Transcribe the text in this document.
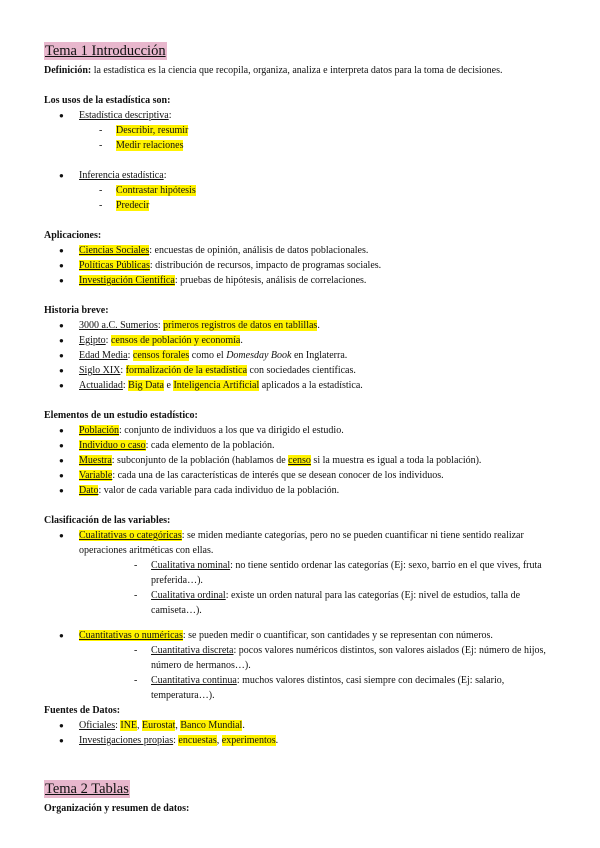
Tema 1 Introducción

Definición: la estadística es la ciencia que recopila, organiza, analiza e interpreta datos para la toma de decisiones.

Los usos de la estadística son:

● Estadística descriptiva:
- Describir, resumir
- Medir relaciones
● Inferencia estadística:
- Contrastar hipótesis
- Predecir

Aplicaciones:

● Ciencias Sociales: encuestas de opinión, análisis de datos poblacionales.
● Políticas Públicas: distribución de recursos, impacto de programas sociales.
● Investigación Científica: pruebas de hipótesis, análisis de correlaciones.

Historia breve:

● 3000 a.C. Sumerios: primeros registros de datos en tablillas.
● Egipto: censos de población y economía.
● Edad Media: censos forales como el Domesday Book en Inglaterra.
● Siglo XIX: formalización de la estadística con sociedades científicas.
● Actualidad: Big Data e Inteligencia Artificial aplicados a la estadística.

Elementos de un estudio estadístico:

● Población: conjunto de individuos a los que va dirigido el estudio.
● Individuo o caso: cada elemento de la población.
● Muestra: subconjunto de la población (hablamos de censo si la muestra es igual a toda la población).
● Variable: cada una de las características de interés que se desean conocer de los individuos.
● Dato: valor de cada variable para cada individuo de la población.

Clasificación de las variables:

● Cualitativas o categóricas: se miden mediante categorías, pero no se pueden cuantificar ni tiene sentido realizar operaciones aritméticas con ellas.
- Cualitativa nominal: no tiene sentido ordenar las categorías (Ej: sexo, barrio en el que vives, fruta preferida…).
- Cualitativa ordinal: existe un orden natural para las categorías (Ej: nivel de estudios, talla de camiseta…).
● Cuantitativas o numéricas: se pueden medir o cuantificar, son cantidades y se representan con números.
- Cuantitativa discreta: pocos valores numéricos distintos, son valores aislados (Ej: número de hijos, número de hermanos…).
- Cuantitativa continua: muchos valores distintos, casi siempre con decimales (Ej: salario, temperatura…).

Fuentes de Datos:

● Oficiales: INE, Eurostat, Banco Mundial.
● Investigaciones propias: encuestas, experimentos.
Tema 2 Tablas

Organización y resumen de datos:
